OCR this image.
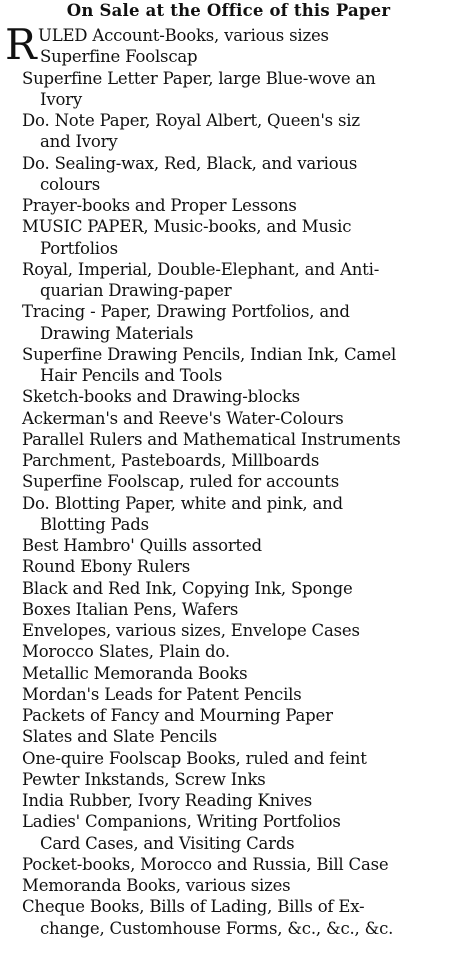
On Sale at the Office of this Paper
R ULED Account-Books, various sizes
Superfine Foolscap
Superfine Letter Paper, large Blue-wove an
Ivory
Do. Note Paper, Royal Albert, Queen's siz
and Ivory
Do. Sealing-wax, Red, Black, and various
colours
Prayer-books and Proper Lessons
MUSIC PAPER, Music-books, and Music
Portfolios
Royal, Imperial, Double-Elephant, and Anti-
quarian Drawing-paper
Tracing - Paper, Drawing Portfolios, and
Drawing Materials
Superfine Drawing Pencils, Indian Ink, Camel
Hair Pencils and Tools
Sketch-books and Drawing-blocks
Ackerman's and Reeve's Water-Colours
Parallel Rulers and Mathematical Instruments
Parchment, Pasteboards, Millboards
Superfine Foolscap, ruled for accounts
Do. Blotting Paper, white and pink, and
Blotting Pads
Best Hambro' Quills assorted
Round Ebony Rulers
Black and Red Ink, Copying Ink, Sponge
Boxes Italian Pens, Wafers
Envelopes, various sizes, Envelope Cases
Morocco Slates, Plain do.
Metallic Memoranda Books
Mordan's Leads for Patent Pencils
Packets of Fancy and Mourning Paper
Slates and Slate Pencils
One-quire Foolscap Books, ruled and feint
Pewter Inkstands, Screw Inks
India Rubber, Ivory Reading Knives
Ladies' Companions, Writing Portfolios
Card Cases, and Visiting Cards
Pocket-books, Morocco and Russia, Bill Case
Memoranda Books, various sizes
Cheque Books, Bills of Lading, Bills of Ex-
change, Customhouse Forms, &c., &c., &c.
